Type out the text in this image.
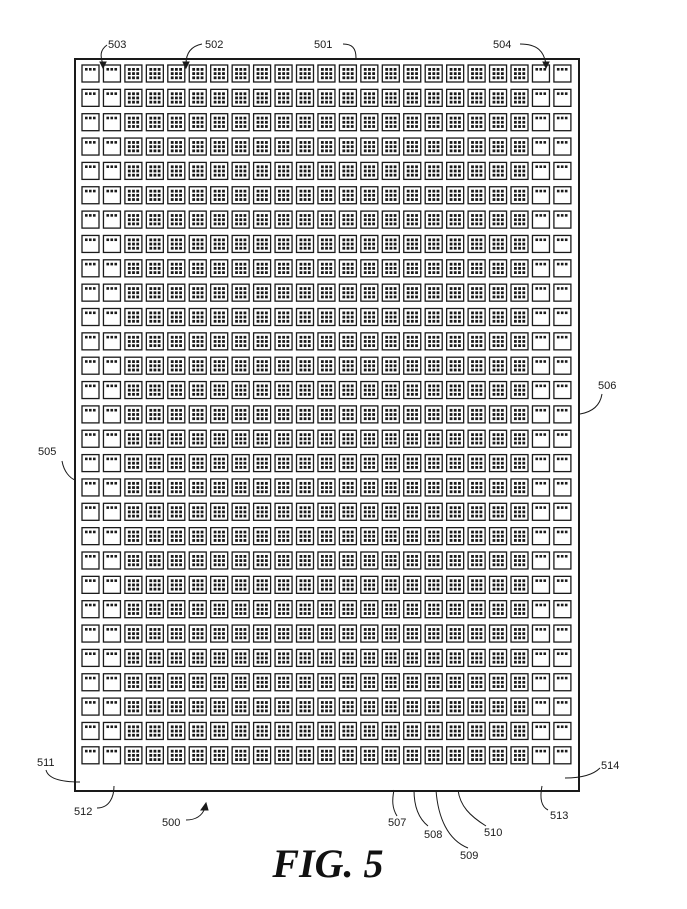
503	502	501	504
505
506
511
512
500	507
508
509
510
513
514
FIG. 5
